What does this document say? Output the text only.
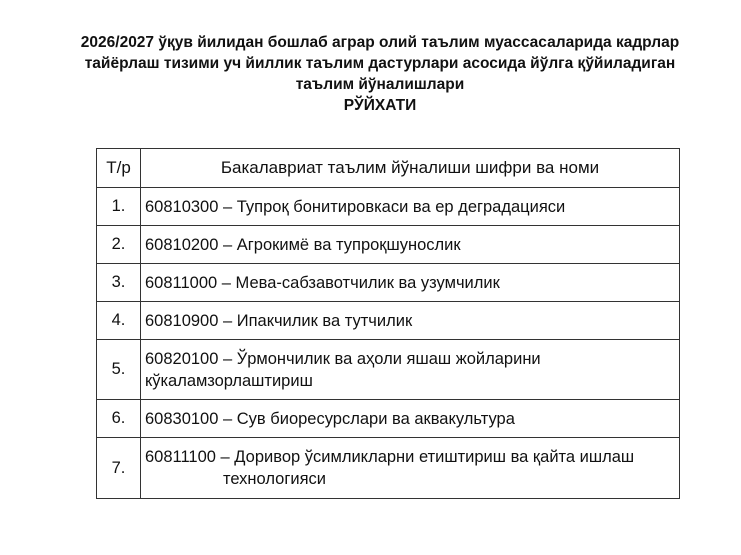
2026/2027 ўқув йилидан бошлаб аграр олий таълим муассасаларида кадрлар
тайёрлаш тизими уч йиллик таълим дастурлари асосида йўлга қўйиладиган
таълим йўналишлари
РЎЙХАТИ
Т/р	Бакалавриат таълим йўналиши шифри ва номи
1.	60810300 – Тупроқ бонитировкаси ва ер деградацияси
2.	60810200 – Агрокимё ва тупроқшунослик
3.	60811000 – Мева-сабзавотчилик ва узумчилик
4.	60810900 – Ипакчилик ва тутчилик
5.	60820100 – Ўрмончилик ва аҳоли яшаш жойларини
кўкаламзорлаштириш

6.	60830100 – Сув биоресурслари ва аквакультура
7.	60811100 – Доривор ўсимликларни етиштириш ва қайта ишлаш
технологияси
